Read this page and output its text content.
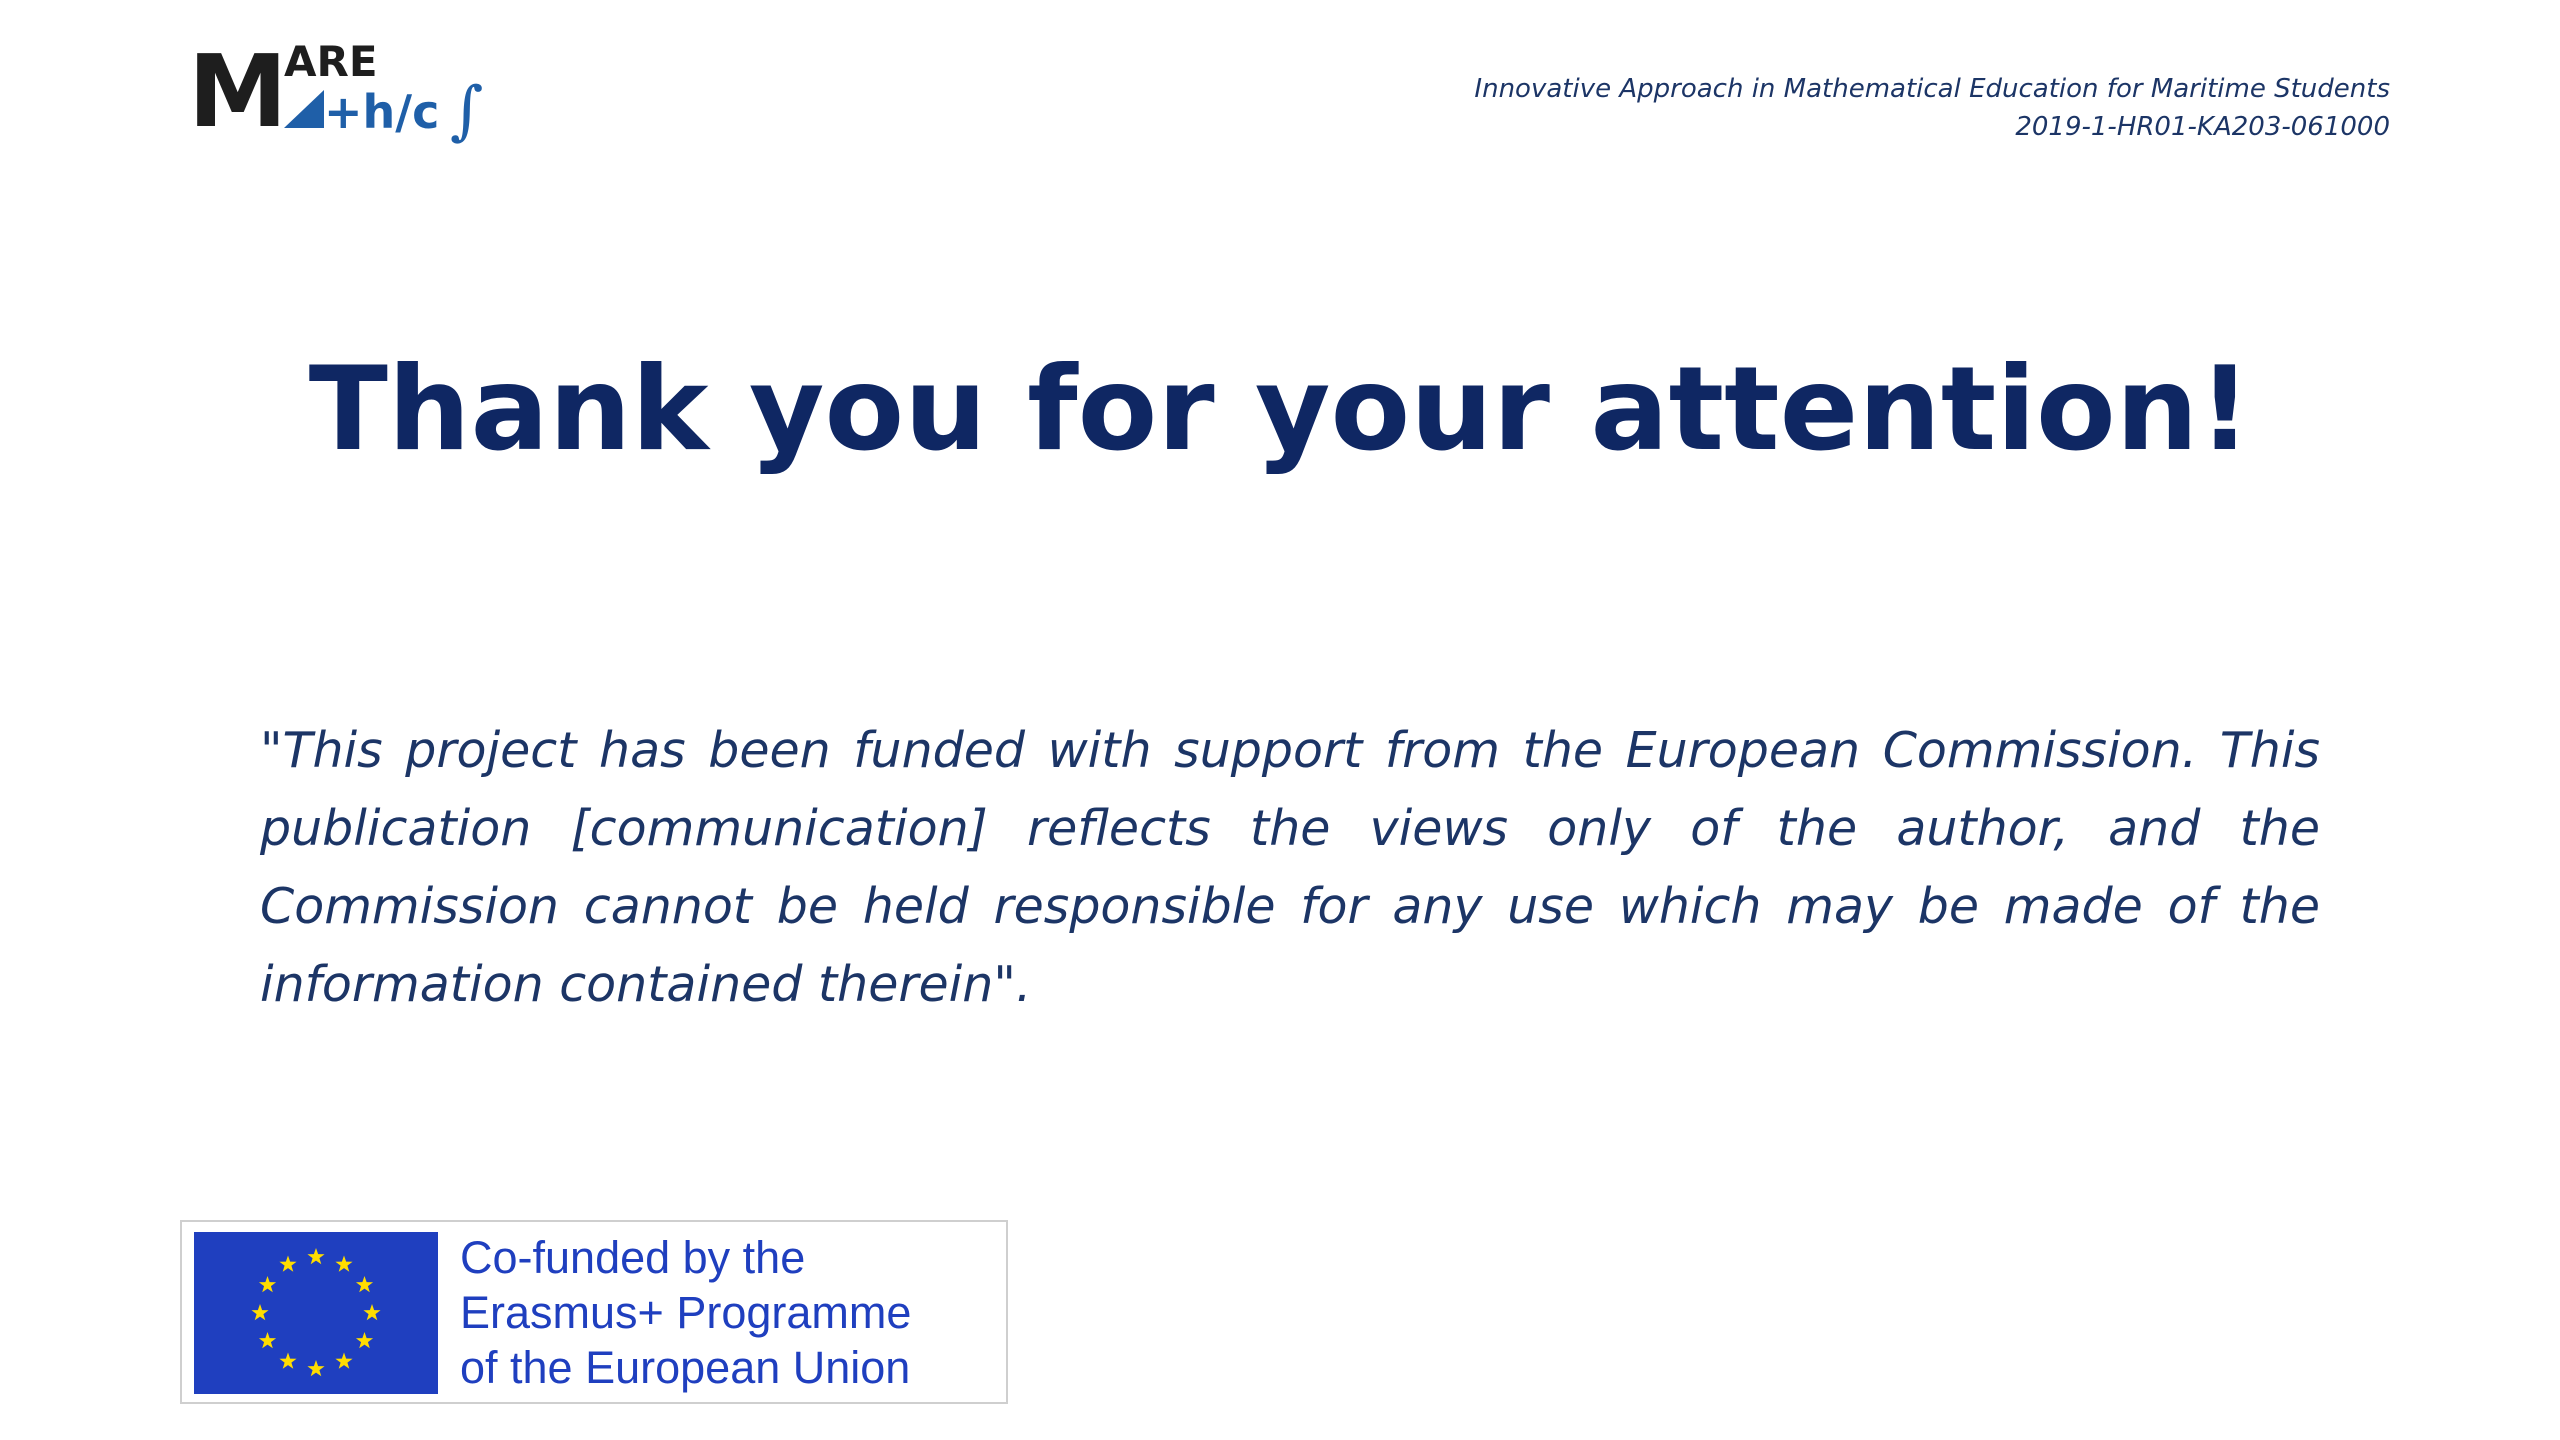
M
ARE
+h/c ∫	Innovative Approach in Mathematical Education for Maritime Students
2019-1-HR01-KA203-061000
Thank you for your attention!
"This project has been funded with support from the European Commission. This publication [communication] reflects the views only of the author, and the Commission cannot be held responsible for any use which may be made of the information contained therein".
Co-funded by the
Erasmus+ Programme
of the European Union
